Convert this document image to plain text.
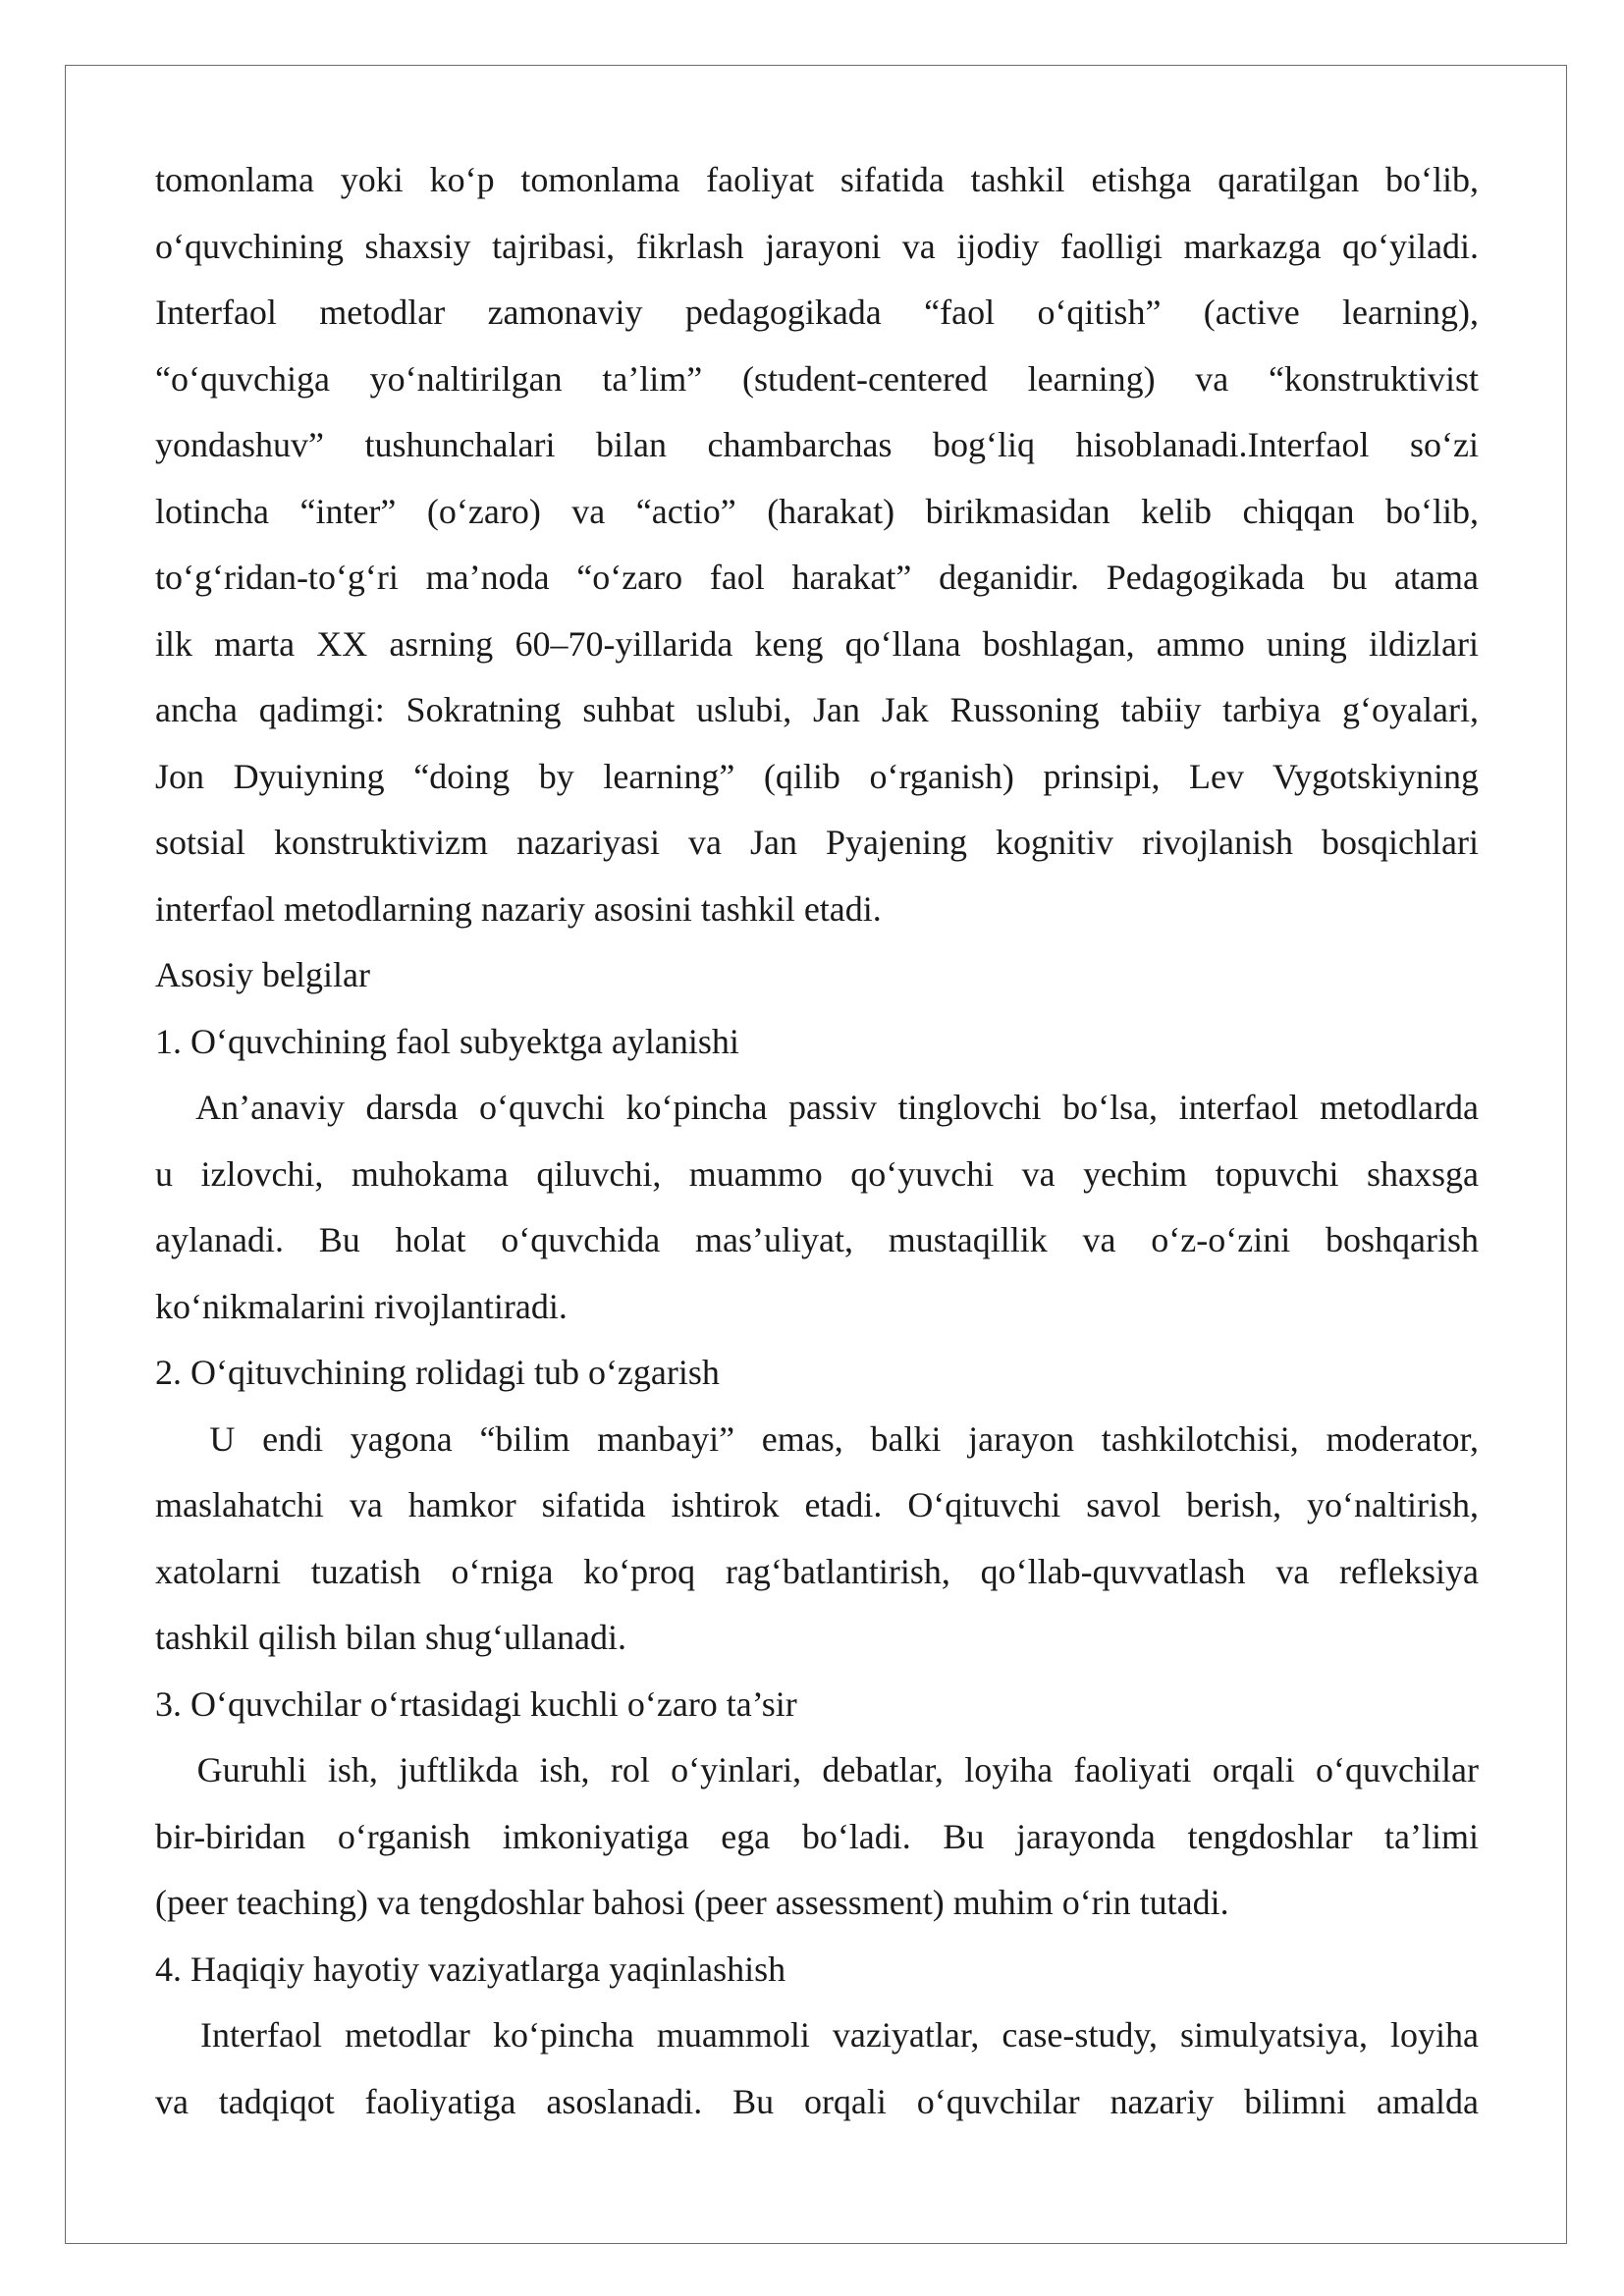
tomonlama yoki ko‘p tomonlama faoliyat sifatida tashkil etishga qaratilgan bo‘lib,

o‘quvchining shaxsiy tajribasi, fikrlash jarayoni va ijodiy faolligi markazga qo‘yiladi.

Interfaol metodlar zamonaviy pedagogikada “faol o‘qitish” (active learning),

“o‘quvchiga yo‘naltirilgan ta’lim” (student-centered learning) va “konstruktivist

yondashuv” tushunchalari bilan chambarchas bog‘liq hisoblanadi.Interfaol so‘zi

lotincha “inter” (o‘zaro) va “actio” (harakat) birikmasidan kelib chiqqan bo‘lib,

to‘g‘ridan-to‘g‘ri ma’noda “o‘zaro faol harakat” deganidir. Pedagogikada bu atama

ilk marta XX asrning 60–70-yillarida keng qo‘llana boshlagan, ammo uning ildizlari

ancha qadimgi: Sokratning suhbat uslubi, Jan Jak Russoning tabiiy tarbiya g‘oyalari,

Jon Dyuiyning “doing by learning” (qilib o‘rganish) prinsipi, Lev Vygotskiyning

sotsial konstruktivizm nazariyasi va Jan Pyajening kognitiv rivojlanish bosqichlari

interfaol metodlarning nazariy asosini tashkil etadi.

Asosiy belgilar

1. O‘quvchining faol subyektga aylanishi

An’anaviy darsda o‘quvchi ko‘pincha passiv tinglovchi bo‘lsa, interfaol metodlarda

u izlovchi, muhokama qiluvchi, muammo qo‘yuvchi va yechim topuvchi shaxsga

aylanadi. Bu holat o‘quvchida mas’uliyat, mustaqillik va o‘z-o‘zini boshqarish

ko‘nikmalarini rivojlantiradi.

2. O‘qituvchining rolidagi tub o‘zgarish

U endi yagona “bilim manbayi” emas, balki jarayon tashkilotchisi, moderator,

maslahatchi va hamkor sifatida ishtirok etadi. O‘qituvchi savol berish, yo‘naltirish,

xatolarni tuzatish o‘rniga ko‘proq rag‘batlantirish, qo‘llab-quvvatlash va refleksiya

tashkil qilish bilan shug‘ullanadi.

3. O‘quvchilar o‘rtasidagi kuchli o‘zaro ta’sir

Guruhli ish, juftlikda ish, rol o‘yinlari, debatlar, loyiha faoliyati orqali o‘quvchilar

bir-biridan o‘rganish imkoniyatiga ega bo‘ladi. Bu jarayonda tengdoshlar ta’limi

(peer teaching) va tengdoshlar bahosi (peer assessment) muhim o‘rin tutadi.

4. Haqiqiy hayotiy vaziyatlarga yaqinlashish

Interfaol metodlar ko‘pincha muammoli vaziyatlar, case-study, simulyatsiya, loyiha

va tadqiqot faoliyatiga asoslanadi. Bu orqali o‘quvchilar nazariy bilimni amalda
